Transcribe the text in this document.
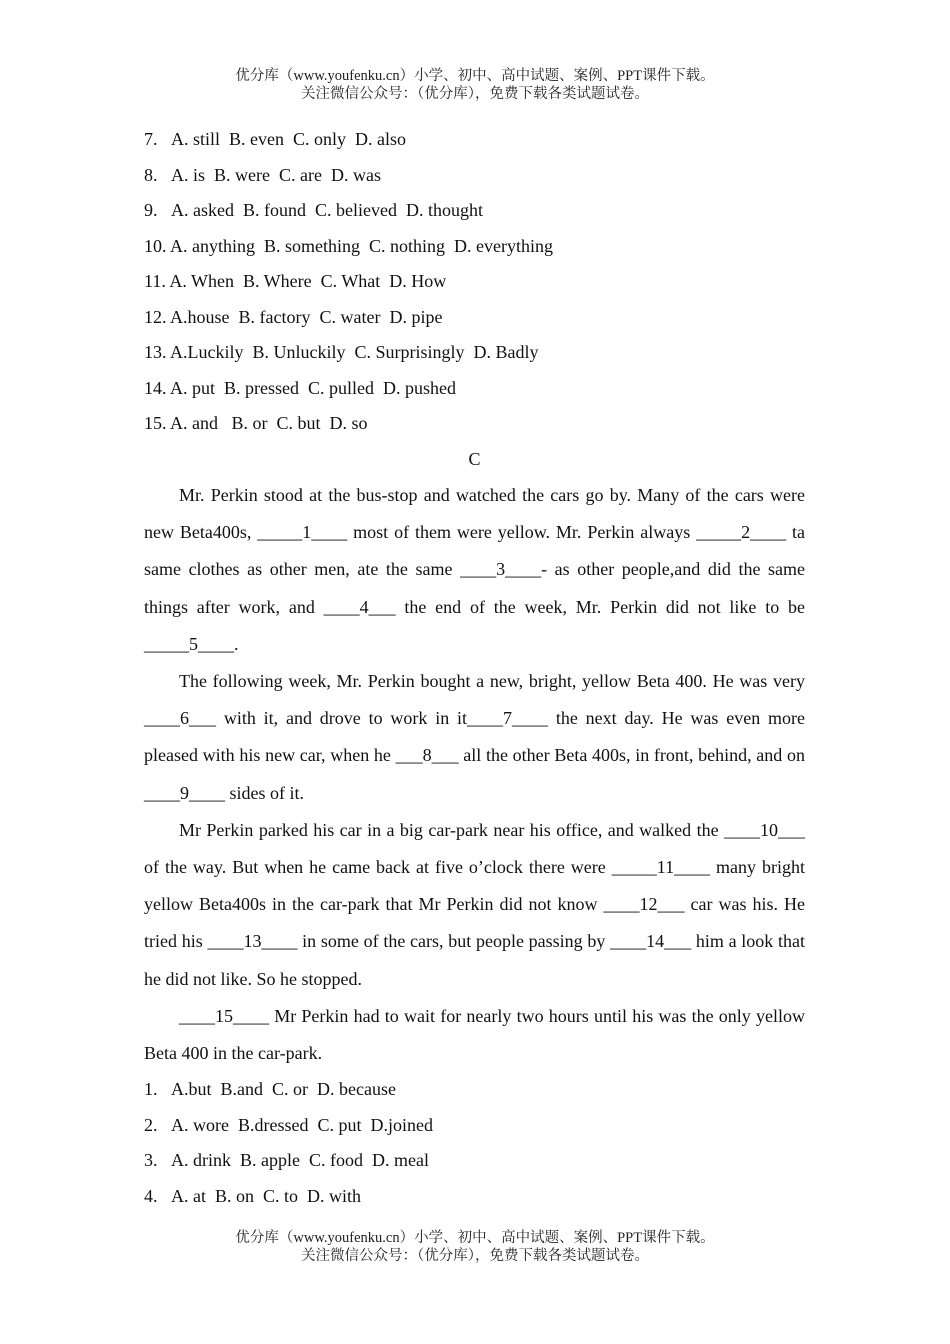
优分库（www.youfenku.cn）小学、初中、高中试题、案例、PPT课件下载。
关注微信公众号：（优分库），免费下载各类试题试卷。
7.   A. still  B. even  C. only  D. also
8.   A. is  B. were  C. are  D. was
9.   A. asked  B. found  C. believed  D. thought
10. A. anything  B. something  C. nothing  D. everything
11. A. When  B. Where  C. What  D. How
12. A.house  B. factory  C. water  D. pipe
13. A.Luckily  B. Unluckily  C. Surprisingly  D. Badly
14. A. put  B. pressed  C. pulled  D. pushed
15. A. and   B. or  C. but  D. so
C

Mr. Perkin stood at the bus-stop and watched the cars go by. Many of the cars were new Beta400s, _____1____ most of them were yellow. Mr. Perkin always _____2____ ta same clothes as other men, ate the same ____3____- as other people,and did the same things after work, and ____4___ the end of the week, Mr. Perkin did not like to be _____5____.

The following week, Mr. Perkin bought a new, bright, yellow Beta 400. He was very ____6___ with it, and drove to work in it____7____ the next day. He was even more pleased with his new car, when he ___8___ all the other Beta 400s, in front, behind, and on ____9____ sides of it.

Mr Perkin parked his car in a big car-park near his office, and walked the ____10___ of the way. But when he came back at five o’clock there were _____11____ many bright yellow Beta400s in the car-park that Mr Perkin did not know ____12___ car was his. He tried his ____13____ in some of the cars, but people passing by ____14___ him a look that he did not like. So he stopped.

____15____ Mr Perkin had to wait for nearly two hours until his was the only yellow Beta 400 in the car-park.

1.   A.but  B.and  C. or  D. because
2.   A. wore  B.dressed  C. put  D.joined
3.   A. drink  B. apple  C. food  D. meal
4.   A. at  B. on  C. to  D. with
优分库（www.youfenku.cn）小学、初中、高中试题、案例、PPT课件下载。
关注微信公众号：（优分库），免费下载各类试题试卷。
